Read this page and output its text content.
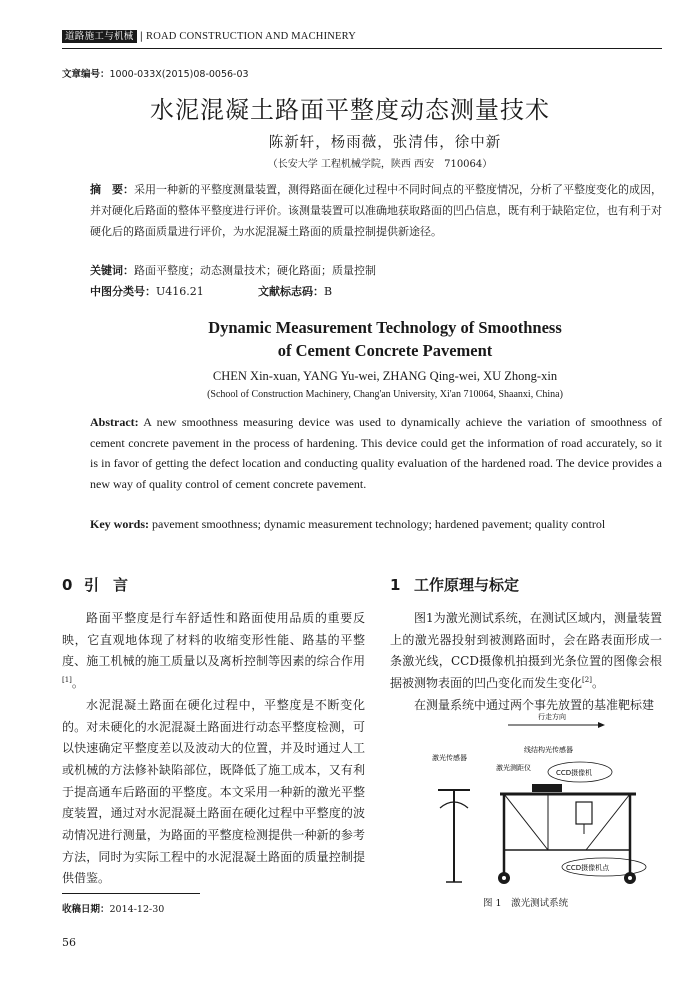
道路施工与机械 | ROAD CONSTRUCTION AND MACHINERY
文章编号：1000-033X(2015)08-0056-03
水泥混凝土路面平整度动态测量技术
陈新轩，杨雨薇，张清伟，徐中新
（长安大学 工程机械学院，陕西 西安　710064）
摘　要：采用一种新的平整度测量装置，测得路面在硬化过程中不同时间点的平整度情况，分析了平整度变化的成因，并对硬化后路面的整体平整度进行评价。该测量装置可以准确地获取路面的凹凸信息，既有利于缺陷定位，也有利于对硬化后的路面质量进行评价，为水泥混凝土路面的质量控制提供新途径。
关键词：路面平整度；动态测量技术；硬化路面；质量控制
中图分类号：U416.21	文献标志码：B
Dynamic Measurement Technology of Smoothness
of Cement Concrete Pavement
CHEN Xin-xuan, YANG Yu-wei, ZHANG Qing-wei, XU Zhong-xin
(School of Construction Machinery, Chang'an University, Xi'an 710064, Shaanxi, China)
Abstract: A new smoothness measuring device was used to dynamically achieve the variation of smoothness of cement concrete pavement in the process of hardening. This device could get the information of road accurately, so it is in favor of getting the defect location and conducting quality evaluation of the hardened road. The device provides a new way of quality control of cement concrete pavement.
Key words: pavement smoothness; dynamic measurement technology; hardened pavement; quality control
0 引言	1 工作原理与标定

路面平整度是行车舒适性和路面使用品质的重要反映，它直观地体现了材料的收缩变形性能、路基的平整度、施工机械的施工质量以及离析控制等因素的综合作用[1]。

水泥混凝土路面在硬化过程中，平整度是不断变化的。对未硬化的水泥混凝土路面进行动态平整度检测，可以快速确定平整度差以及波动大的位置，并及时通过人工或机械的方法修补缺陷部位，既降低了施工成本，又有利于提高通车后路面的平整度。本文采用一种新的激光平整度装置，通过对水泥混凝土路面在硬化过程中平整度的波动情况进行测量，为路面的平整度检测提供一种新的参考方法，同时为实际工程中的水泥混凝土路面的质量控制提供借鉴。

图1为激光测试系统，在测试区域内，测量装置上的激光器投射到被测路面时，会在路表面形成一条激光线，CCD摄像机拍摄到光条位置的图像会根据被测物表面的凹凸变化而发生变化[2]。

在测量系统中通过两个事先放置的基准靶标建

行走方向
线结构光传感器
激光传感器
激光测距仪
CCD摄像机
CCD摄像机点
图 1　激光测试系统
收稿日期：2014-12-30
56
